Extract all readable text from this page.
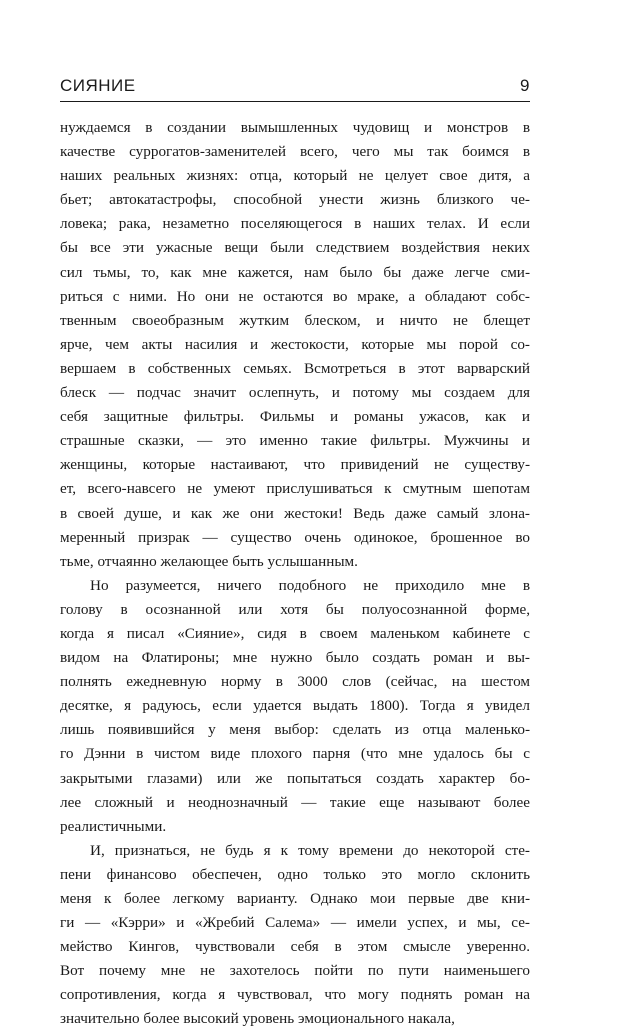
СИЯНИЕ	9
нуждаемся в создании вымышленных чудовищ и монстров в
качестве суррогатов-заменителей всего, чего мы так боимся в
наших реальных жизнях: отца, который не целует свое дитя, а
бьет; автокатастрофы, способной унести жизнь близкого че-
ловека; рака, незаметно поселяющегося в наших телах. И если
бы все эти ужасные вещи были следствием воздействия неких
сил тьмы, то, как мне кажется, нам было бы даже легче сми-
риться с ними. Но они не остаются во мраке, а обладают собс-
твенным своеобразным жутким блеском, и ничто не блещет
ярче, чем акты насилия и жестокости, которые мы порой со-
вершаем в собственных семьях. Всмотреться в этот варварский
блеск — подчас значит ослепнуть, и потому мы создаем для
себя защитные фильтры. Фильмы и романы ужасов, как и
страшные сказки, — это именно такие фильтры. Мужчины и
женщины, которые настаивают, что привидений не существу-
ет, всего-навсего не умеют прислушиваться к смутным шепотам
в своей душе, и как же они жестоки! Ведь даже самый злона-
меренный призрак — существо очень одинокое, брошенное во
тьме, отчаянно желающее быть услышанным.
Но разумеется, ничего подобного не приходило мне в
голову в осознанной или хотя бы полуосознанной форме,
когда я писал «Сияние», сидя в своем маленьком кабинете с
видом на Флатироны; мне нужно было создать роман и вы-
полнять ежедневную норму в 3000 слов (сейчас, на шестом
десятке, я радуюсь, если удается выдать 1800). Тогда я увидел
лишь появившийся у меня выбор: сделать из отца маленько-
го Дэнни в чистом виде плохого парня (что мне удалось бы с
закрытыми глазами) или же попытаться создать характер бо-
лее сложный и неоднозначный — такие еще называют более
реалистичными.
И, признаться, не будь я к тому времени до некоторой сте-
пени финансово обеспечен, одно только это могло склонить
меня к более легкому варианту. Однако мои первые две кни-
ги — «Кэрри» и «Жребий Салема» — имели успех, и мы, се-
мейство Кингов, чувствовали себя в этом смысле уверенно.
Вот почему мне не захотелось пойти по пути наименьшего
сопротивления, когда я чувствовал, что могу поднять роман на
значительно более высокий уровень эмоционального накала,
